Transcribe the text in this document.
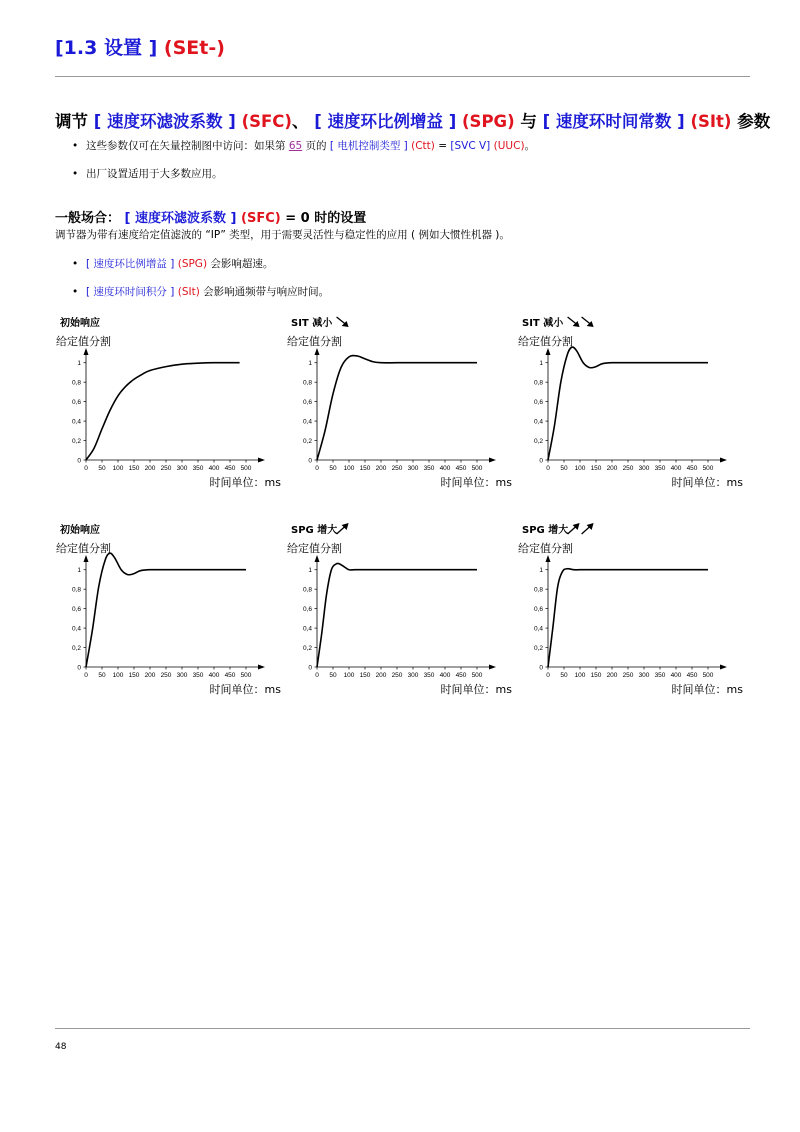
[1.3 设置 ] (SEt-)
调节 [ 速度环滤波系数 ] (SFC)、 [ 速度环比例增益 ] (SPG) 与 [ 速度环时间常数 ] (SIt) 参数
• 这些参数仅可在矢量控制图中访问：如果第 65 页的 [ 电机控制类型 ] (Ctt) = [SVC V] (UUC)。
• 出厂设置适用于大多数应用。
一般场合： [ 速度环滤波系数 ] (SFC) = 0 时的设置
调节器为带有速度给定值滤波的 “IP” 类型，用于需要灵活性与稳定性的应用 ( 例如大惯性机器 )。
• [ 速度环比例增益 ] (SPG) 会影响超速。
• [ 速度环时间积分 ] (SIt) 会影响通频带与响应时间。
初始响应
给定值分割
时间单位：ms
0
0,2
0,4
0,6
0,8
1
0 50 100 150 200 250 300 350 400 450 500
SIT 减小
给定值分割
时间单位：ms
0
0,2
0,4
0,6
0,8
1
0 50 100 150 200 250 300 350 400 450 500
SIT 减小
给定值分割
时间单位：ms
0
0,2
0,4
0,6
0,8
1
0 50 100 150 200 250 300 350 400 450 500
初始响应
给定值分割
时间单位：ms
0
0,2
0,4
0,6
0,8
1
0 50 100 150 200 250 300 350 400 450 500
SPG 增大
给定值分割
时间单位：ms
0
0,2
0,4
0,6
0,8
1
0 50 100 150 200 250 300 350 400 450 500
SPG 增大
给定值分割
时间单位：ms
0
0,2
0,4
0,6
0,8
1
0 50 100 150 200 250 300 350 400 450 500
48
